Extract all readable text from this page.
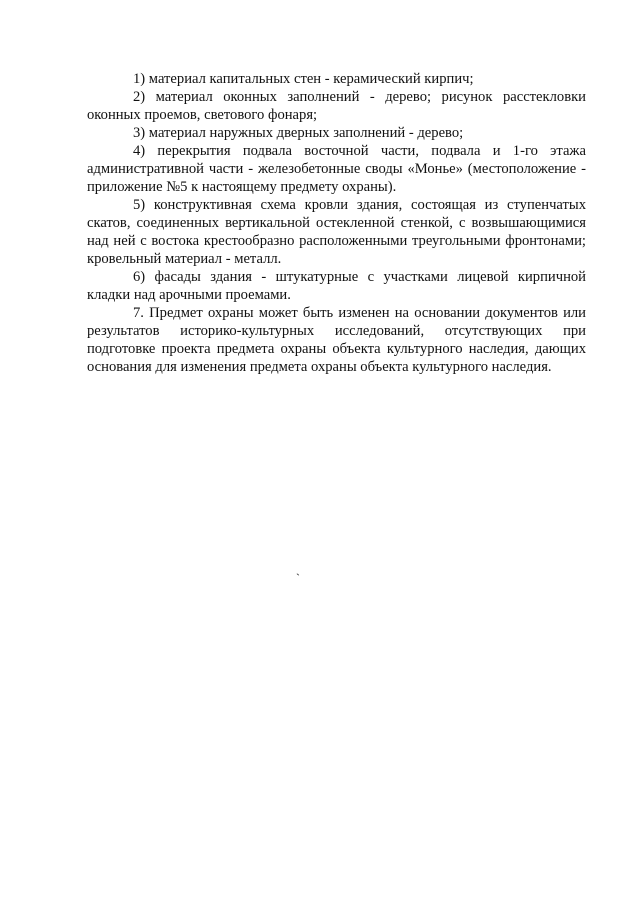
1) материал капитальных стен - керамический кирпич;

2) материал оконных заполнений - дерево; рисунок расстекловки оконных проемов, светового фонаря;

3) материал наружных дверных заполнений - дерево;

4) перекрытия подвала восточной части, подвала и 1-го этажа административной части - железобетонные своды «Монье» (местоположение - приложение №5 к настоящему предмету охраны).

5) конструктивная схема кровли здания, состоящая из ступенчатых скатов, соединенных вертикальной остекленной стенкой, с возвышающимися над ней с востока крестообразно расположенными треугольными фронтонами; кровельный материал - металл.

6) фасады здания - штукатурные с участками лицевой кирпичной кладки над арочными проемами.

7. Предмет охраны может быть изменен на основании документов или результатов историко-культурных исследований, отсутствующих при подготовке проекта предмета охраны объекта культурного наследия, дающих основания для изменения предмета охраны объекта культурного наследия.

`
